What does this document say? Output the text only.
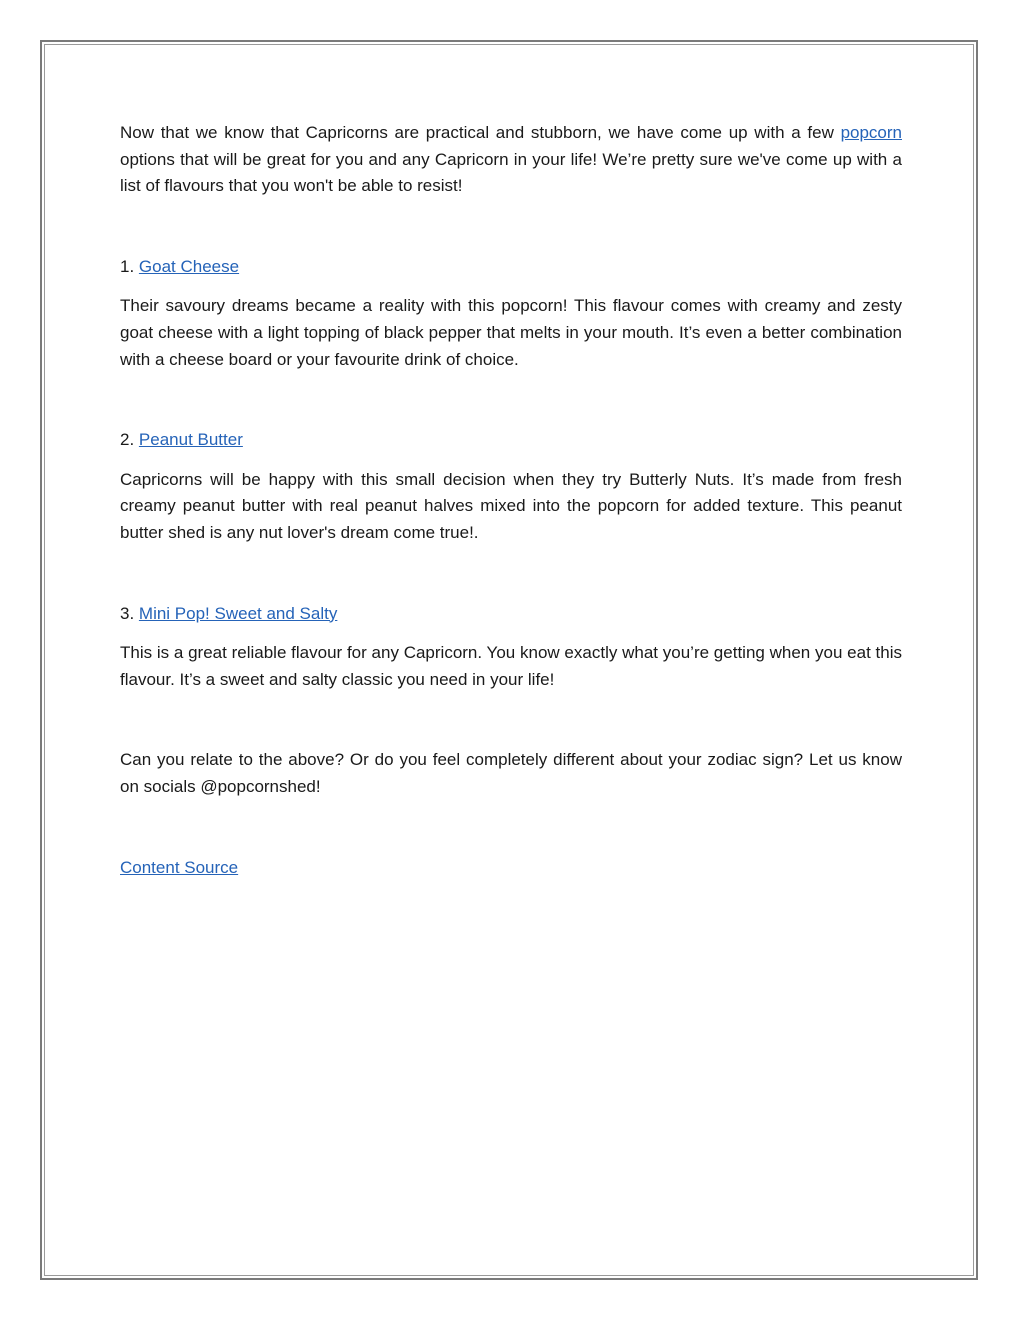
Now that we know that Capricorns are practical and stubborn, we have come up with a few popcorn options that will be great for you and any Capricorn in your life! We’re pretty sure we've come up with a list of flavours that you won't be able to resist!

1. Goat Cheese

Their savoury dreams became a reality with this popcorn! This flavour comes with creamy and zesty goat cheese with a light topping of black pepper that melts in your mouth. It’s even a better combination with a cheese board or your favourite drink of choice.

2. Peanut Butter

Capricorns will be happy with this small decision when they try Butterly Nuts. It’s made from fresh creamy peanut butter with real peanut halves mixed into the popcorn for added texture. This peanut butter shed is any nut lover's dream come true!.

3. Mini Pop! Sweet and Salty

This is a great reliable flavour for any Capricorn. You know exactly what you’re getting when you eat this flavour. It’s a sweet and salty classic you need in your life!

Can you relate to the above? Or do you feel completely different about your zodiac sign? Let us know on socials @popcornshed!

Content Source
